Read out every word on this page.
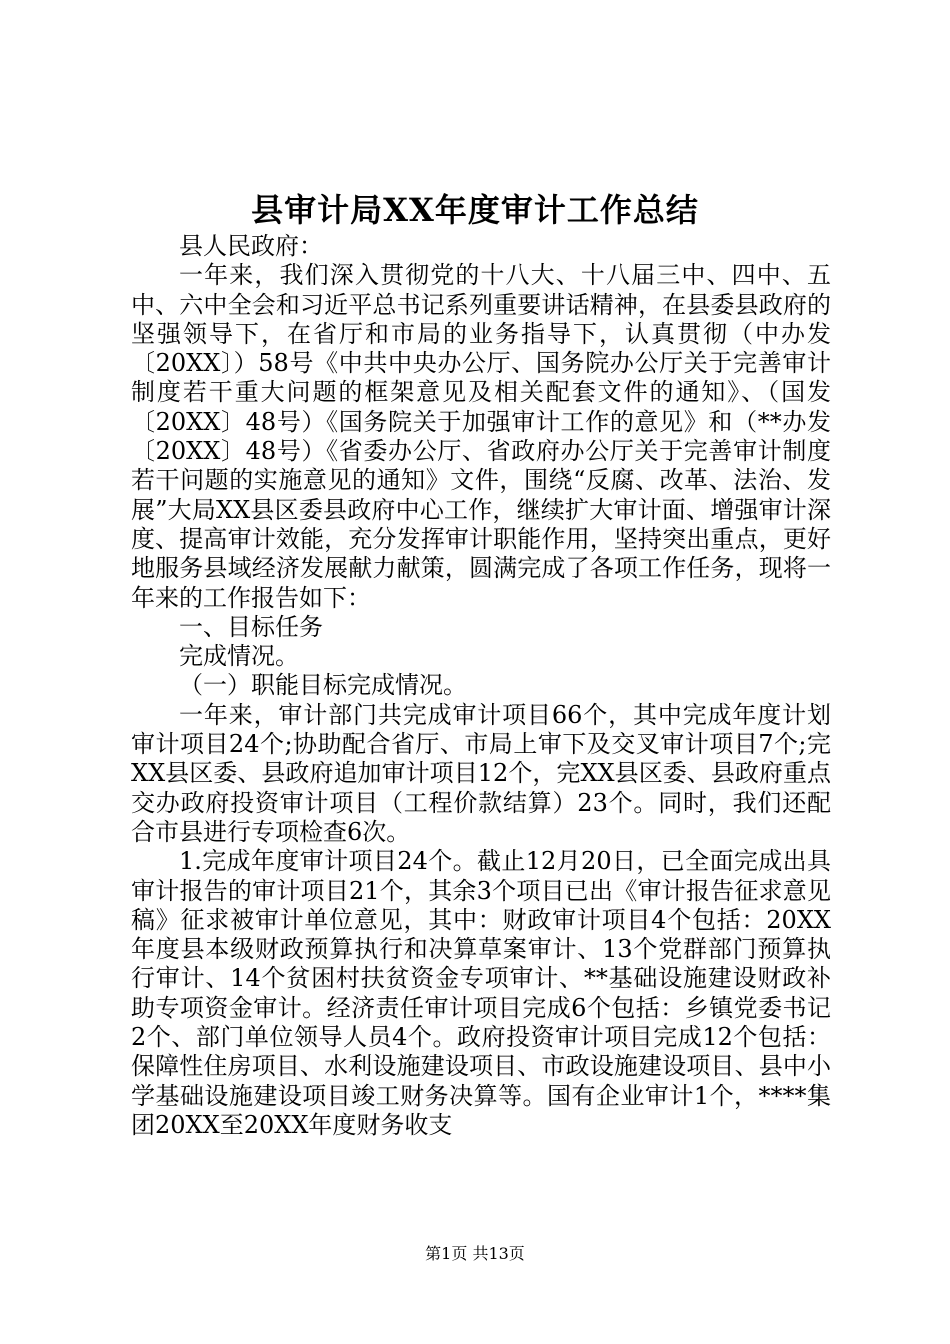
县审计局XX年度审计工作总结

县人民政府：

一年来，我们深入贯彻党的十八大、十八届三中、四中、五中、六中全会和习近平总书记系列重要讲话精神，在县委县政府的坚强领导下，在省厅和市局的业务指导下，认真贯彻（中办发〔20XX〕）58号《中共中央办公厅、国务院办公厅关于完善审计制度若干重大问题的框架意见及相关配套文件的通知》、（国发〔20XX〕48号）《国务院关于加强审计工作的意见》和（**办发〔20XX〕48号）《省委办公厅、省政府办公厅关于完善审计制度若干问题的实施意见的通知》文件，围绕“反腐、改革、法治、发展”大局XX县区委县政府中心工作，继续扩大审计面、增强审计深度、提高审计效能，充分发挥审计职能作用，坚持突出重点，更好地服务县域经济发展献力献策，圆满完成了各项工作任务，现将一年来的工作报告如下：

一、目标任务

完成情况。

（一）职能目标完成情况。

一年来，审计部门共完成审计项目66个，其中完成年度计划审计项目24个;协助配合省厅、市局上审下及交叉审计项目7个;完XX县区委、县政府追加审计项目12个，完XX县区委、县政府重点交办政府投资审计项目（工程价款结算）23个。同时，我们还配合市县进行专项检查6次。

1.完成年度审计项目24个。截止12月20日，已全面完成出具审计报告的审计项目21个，其余3个项目已出《审计报告征求意见稿》征求被审计单位意见，其中：财政审计项目4个包括：20XX年度县本级财政预算执行和决算草案审计、13个党群部门预算执行审计、14个贫困村扶贫资金专项审计、**基础设施建设财政补助专项资金审计。经济责任审计项目完成6个包括：乡镇党委书记2个、部门单位领导人员4个。政府投资审计项目完成12个包括：保障性住房项目、水利设施建设项目、市政设施建设项目、县中小学基础设施建设项目竣工财务决算等。国有企业审计1个，****集团20XX至20XX年度财务收支

第1页 共13页
